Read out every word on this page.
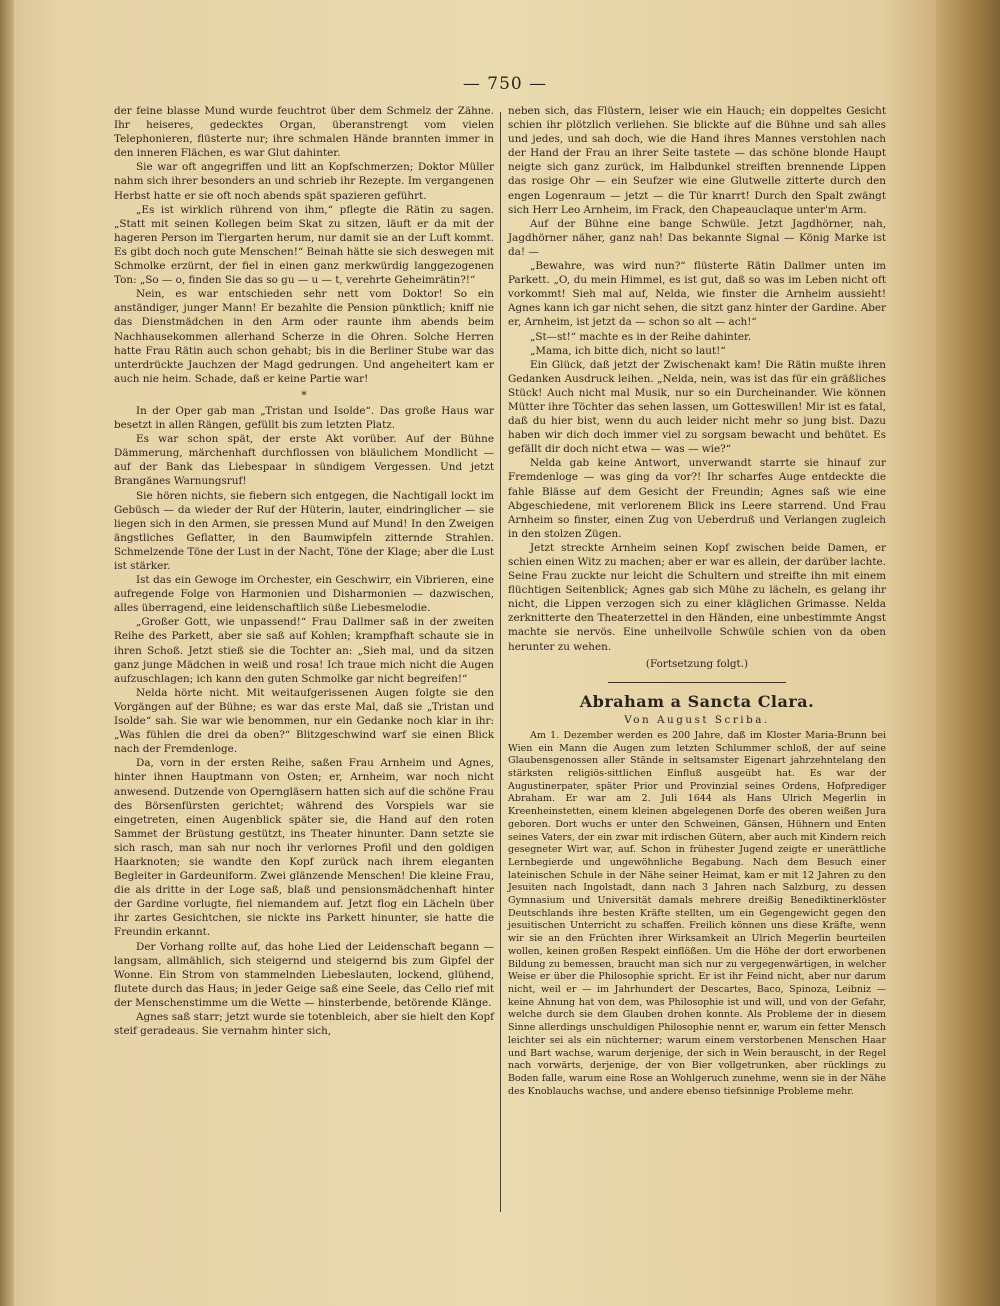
— 750 —

der feine blasse Mund wurde feuchtrot über dem Schmelz der Zähne. Ihr heiseres, gedecktes Organ, überanstrengt vom vielen Telephonieren, flüsterte nur; ihre schmalen Hände brannten immer in den inneren Flächen, es war Glut dahinter.

Sie war oft angegriffen und litt an Kopfschmerzen; Doktor Müller nahm sich ihrer besonders an und schrieb ihr Rezepte. Im vergangenen Herbst hatte er sie oft noch abends spät spazieren geführt.

„Es ist wirklich rührend von ihm,“ pflegte die Rätin zu sagen. „Statt mit seinen Kollegen beim Skat zu sitzen, läuft er da mit der hageren Person im Tiergarten herum, nur damit sie an der Luft kommt. Es gibt doch noch gute Menschen!“ Beinah hätte sie sich deswegen mit Schmolke erzürnt, der fiel in einen ganz merkwürdig langgezogenen Ton: „So — o, finden Sie das so gu — u — t, verehrte Geheimrätin?!“

Nein, es war entschieden sehr nett vom Doktor! So ein anständiger, junger Mann! Er bezahlte die Pension pünktlich; kniff nie das Dienstmädchen in den Arm oder raunte ihm abends beim Nachhausekommen allerhand Scherze in die Ohren. Solche Herren hatte Frau Rätin auch schon gehabt; bis in die Berliner Stube war das unterdrückte Jauchzen der Magd gedrungen. Und angeheitert kam er auch nie heim. Schade, daß er keine Partie war!

*

In der Oper gab man „Tristan und Isolde“. Das große Haus war besetzt in allen Rängen, gefüllt bis zum letzten Platz.

Es war schon spät, der erste Akt vorüber. Auf der Bühne Dämmerung, märchenhaft durchflossen von bläulichem Mondlicht — auf der Bank das Liebespaar in sündigem Vergessen. Und jetzt Brangänes Warnungsruf!

Sie hören nichts, sie fiebern sich entgegen, die Nachtigall lockt im Gebüsch — da wieder der Ruf der Hüterin, lauter, eindringlicher — sie liegen sich in den Armen, sie pressen Mund auf Mund! In den Zweigen ängstliches Geflatter, in den Baumwipfeln zitternde Strahlen. Schmelzende Töne der Lust in der Nacht, Töne der Klage; aber die Lust ist stärker.

Ist das ein Gewoge im Orchester, ein Geschwirr, ein Vibrieren, eine aufregende Folge von Harmonien und Disharmonien — dazwischen, alles überragend, eine leidenschaftlich süße Liebesmelodie.

„Großer Gott, wie unpassend!“ Frau Dallmer saß in der zweiten Reihe des Parkett, aber sie saß auf Kohlen; krampfhaft schaute sie in ihren Schoß. Jetzt stieß sie die Tochter an: „Sieh mal, und da sitzen ganz junge Mädchen in weiß und rosa! Ich traue mich nicht die Augen aufzuschlagen; ich kann den guten Schmolke gar nicht begreifen!“

Nelda hörte nicht. Mit weitaufgerissenen Augen folgte sie den Vorgängen auf der Bühne; es war das erste Mal, daß sie „Tristan und Isolde“ sah. Sie war wie benommen, nur ein Gedanke noch klar in ihr: „Was fühlen die drei da oben?“ Blitzgeschwind warf sie einen Blick nach der Fremdenloge.

Da, vorn in der ersten Reihe, saßen Frau Arnheim und Agnes, hinter ihnen Hauptmann von Osten; er, Arnheim, war noch nicht anwesend. Dutzende von Operngläsern hatten sich auf die schöne Frau des Börsenfürsten gerichtet; während des Vorspiels war sie eingetreten, einen Augenblick später sie, die Hand auf den roten Sammet der Brüstung gestützt, ins Theater hinunter. Dann setzte sie sich rasch, man sah nur noch ihr verlornes Profil und den goldigen Haarknoten; sie wandte den Kopf zurück nach ihrem eleganten Begleiter in Gardeuniform. Zwei glänzende Menschen! Die kleine Frau, die als dritte in der Loge saß, blaß und pensionsmädchenhaft hinter der Gardine vorlugte, fiel niemandem auf. Jetzt flog ein Lächeln über ihr zartes Gesichtchen, sie nickte ins Parkett hinunter, sie hatte die Freundin erkannt.

Der Vorhang rollte auf, das hohe Lied der Leidenschaft begann — langsam, allmählich, sich steigernd und steigernd bis zum Gipfel der Wonne. Ein Strom von stammelnden Liebeslauten, lockend, glühend, flutete durch das Haus; in jeder Geige saß eine Seele, das Cello rief mit der Menschenstimme um die Wette — hinsterbende, betörende Klänge.

Agnes saß starr; jetzt wurde sie totenbleich, aber sie hielt den Kopf steif geradeaus. Sie vernahm hinter sich,

neben sich, das Flüstern, leiser wie ein Hauch; ein doppeltes Gesicht schien ihr plötzlich verliehen. Sie blickte auf die Bühne und sah alles und jedes, und sah doch, wie die Hand ihres Mannes verstohlen nach der Hand der Frau an ihrer Seite tastete — das schöne blonde Haupt neigte sich ganz zurück, im Halbdunkel streiften brennende Lippen das rosige Ohr — ein Seufzer wie eine Glutwelle zitterte durch den engen Logenraum — jetzt — die Tür knarrt! Durch den Spalt zwängt sich Herr Leo Arnheim, im Frack, den Chapeauclaque unter'm Arm.

Auf der Bühne eine bange Schwüle. Jetzt Jagdhörner, nah, Jagdhörner näher, ganz nah! Das bekannte Signal — König Marke ist da! —

„Bewahre, was wird nun?“ flüsterte Rätin Dallmer unten im Parkett. „O, du mein Himmel, es ist gut, daß so was im Leben nicht oft vorkommt! Sieh mal auf, Nelda, wie finster die Arnheim aussieht! Agnes kann ich gar nicht sehen, die sitzt ganz hinter der Gardine. Aber er, Arnheim, ist jetzt da — schon so alt — ach!“

„St—st!“ machte es in der Reihe dahinter.

„Mama, ich bitte dich, nicht so laut!“

Ein Glück, daß jetzt der Zwischenakt kam! Die Rätin mußte ihren Gedanken Ausdruck leihen. „Nelda, nein, was ist das für ein gräßliches Stück! Auch nicht mal Musik, nur so ein Durcheinander. Wie können Mütter ihre Töchter das sehen lassen, um Gotteswillen! Mir ist es fatal, daß du hier bist, wenn du auch leider nicht mehr so jung bist. Dazu haben wir dich doch immer viel zu sorgsam bewacht und behütet. Es gefällt dir doch nicht etwa — was — wie?“

Nelda gab keine Antwort, unverwandt starrte sie hinauf zur Fremdenloge — was ging da vor?! Ihr scharfes Auge entdeckte die fahle Blässe auf dem Gesicht der Freundin; Agnes saß wie eine Abgeschiedene, mit verlorenem Blick ins Leere starrend. Und Frau Arnheim so finster, einen Zug von Ueberdruß und Verlangen zugleich in den stolzen Zügen.

Jetzt streckte Arnheim seinen Kopf zwischen beide Damen, er schien einen Witz zu machen; aber er war es allein, der darüber lachte. Seine Frau zuckte nur leicht die Schultern und streifte ihn mit einem flüchtigen Seitenblick; Agnes gab sich Mühe zu lächeln, es gelang ihr nicht, die Lippen verzogen sich zu einer kläglichen Grimasse. Nelda zerknitterte den Theaterzettel in den Händen, eine unbestimmte Angst machte sie nervös. Eine unheilvolle Schwüle schien von da oben herunter zu wehen.

(Fortsetzung folgt.)
Abraham a Sancta Clara.
Von August Scriba.

Am 1. Dezember werden es 200 Jahre, daß im Kloster Maria-Brunn bei Wien ein Mann die Augen zum letzten Schlummer schloß, der auf seine Glaubensgenossen aller Stände in seltsamster Eigenart jahrzehntelang den stärksten religiös-sittlichen Einfluß ausgeübt hat. Es war der Augustinerpater, später Prior und Provinzial seines Ordens, Hofprediger Abraham. Er war am 2. Juli 1644 als Hans Ulrich Megerlin in Kreenheinstetten, einem kleinen abgelegenen Dorfe des oberen weißen Jura geboren. Dort wuchs er unter den Schweinen, Gänsen, Hühnern und Enten seines Vaters, der ein zwar mit irdischen Gütern, aber auch mit Kindern reich gesegneter Wirt war, auf. Schon in frühester Jugend zeigte er unerättliche Lernbegierde und ungewöhnliche Begabung. Nach dem Besuch einer lateinischen Schule in der Nähe seiner Heimat, kam er mit 12 Jahren zu den Jesuiten nach Ingolstadt, dann nach 3 Jahren nach Salzburg, zu dessen Gymnasium und Universität damals mehrere dreißig Benediktinerklöster Deutschlands ihre besten Kräfte stellten, um ein Gegengewicht gegen den jesuitischen Unterricht zu schaffen. Freilich können uns diese Kräfte, wenn wir sie an den Früchten ihrer Wirksamkeit an Ulrich Megerlin beurteilen wollen, keinen großen Respekt einflößen. Um die Höhe der dort erworbenen Bildung zu bemessen, braucht man sich nur zu vergegenwärtigen, in welcher Weise er über die Philosophie spricht. Er ist ihr Feind nicht, aber nur darum nicht, weil er — im Jahrhundert der Descartes, Baco, Spinoza, Leibniz — keine Ahnung hat von dem, was Philosophie ist und will, und von der Gefahr, welche durch sie dem Glauben drohen konnte. Als Probleme der in diesem Sinne allerdings unschuldigen Philosophie nennt er, warum ein fetter Mensch leichter sei als ein nüchterner; warum einem verstorbenen Menschen Haar und Bart wachse, warum derjenige, der sich in Wein berauscht, in der Regel nach vorwärts, derjenige, der von Bier vollgetrunken, aber rücklings zu Boden falle, warum eine Rose an Wohlgeruch zunehme, wenn sie in der Nähe des Knoblauchs wachse, und andere ebenso tiefsinnige Probleme mehr.
